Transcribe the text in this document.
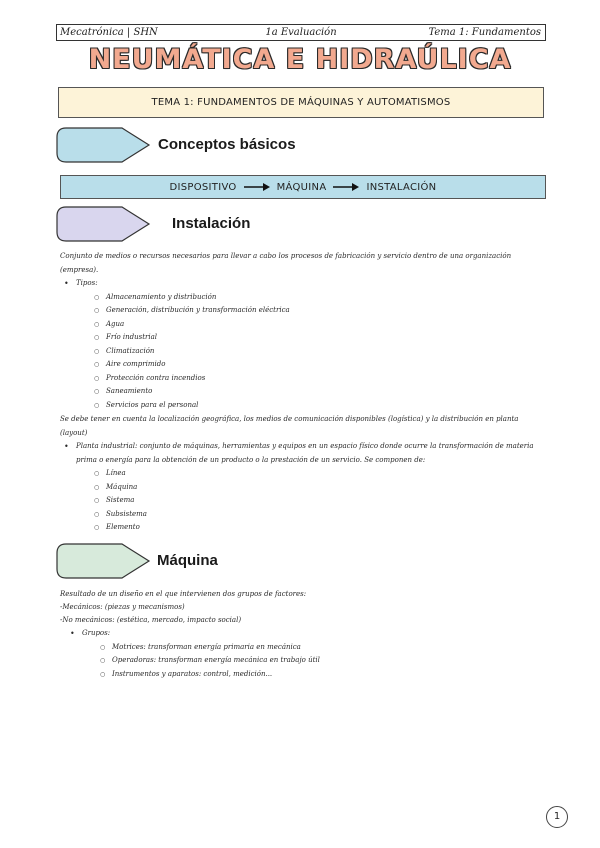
1a Evaluación
Mecatrónica | SHN	Tema 1: Fundamentos
NEUMÁTICA E HIDRAÚLICA
TEMA 1: FUNDAMENTOS DE MÁQUINAS Y AUTOMATISMOS
Conceptos básicos
DISPOSITIVO	MÁQUINA	INSTALACIÓN
Instalación
Conjunto de medios o recursos necesarios para llevar a cabo los procesos de fabricación y servicio dentro de una organización (empresa).
• Tipos:
○ Almacenamiento y distribución
○ Generación, distribución y transformación eléctrica
○ Agua
○ Frío industrial
○ Climatización
○ Aire comprimido
○ Protección contra incendios
○ Saneamiento
○ Servicios para el personal
Se debe tener en cuenta la localización geográfica, los medios de comunicación disponibles (logística) y la distribución en planta (layout)
• Planta industrial: conjunto de máquinas, herramientas y equipos en un espacio físico donde ocurre la transformación de materia prima o energía para la obtención de un producto o la prestación de un servicio. Se componen de:
○ Línea
○ Máquina
○ Sistema
○ Subsistema
○ Elemento
Máquina
Resultado de un diseño en el que intervienen dos grupos de factores:
-Mecánicos: (piezas y mecanismos)
-No mecánicos: (estética, mercado, impacto social)
• Grupos:
○ Motrices: transforman energía primaria en mecánica
○ Operadoras: transforman energía mecánica en trabajo útil
○ Instrumentos y aparatos: control, medición...
1
